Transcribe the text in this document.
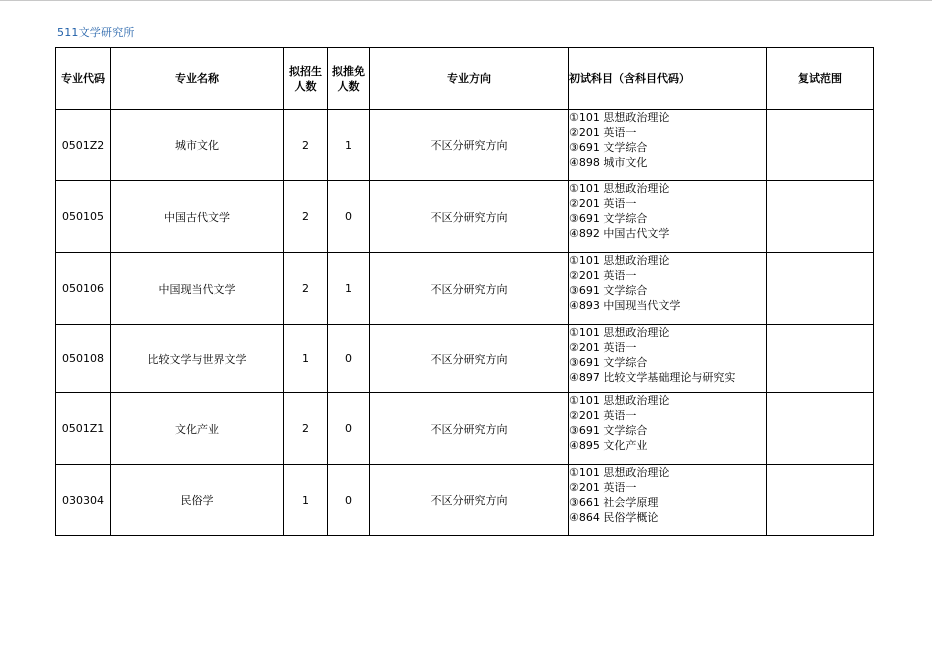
511文学研究所
专业代码	专业名称	拟招生人数	拟推免人数	专业方向	初试科目（含科目代码）	复试范围
0501Z2	城市文化	2	1	不区分研究方向	①101 思想政治理论
②201 英语一
③691 文学综合
④898 城市文化	

050105	中国古代文学	2	0	不区分研究方向	①101 思想政治理论
②201 英语一
③691 文学综合
④892 中国古代文学	

050106	中国现当代文学	2	1	不区分研究方向	①101 思想政治理论
②201 英语一
③691 文学综合
④893 中国现当代文学	

050108	比较文学与世界文学	1	0	不区分研究方向	①101 思想政治理论
②201 英语一
③691 文学综合
④897 比较文学基础理论与研究实	

0501Z1	文化产业	2	0	不区分研究方向	①101 思想政治理论
②201 英语一
③691 文学综合
④895 文化产业	

030304	民俗学	1	0	不区分研究方向	①101 思想政治理论
②201 英语一
③661 社会学原理
④864 民俗学概论	
